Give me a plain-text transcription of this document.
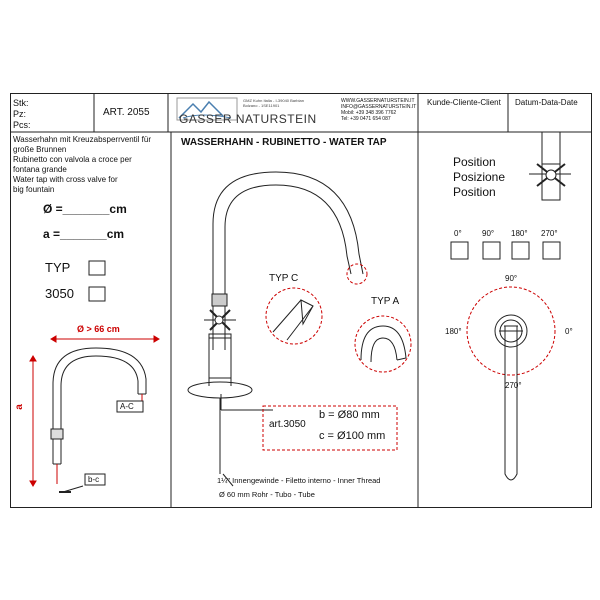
Stk:
Pz:
Pcs:
ART. 2055 GASSER NATURSTEIN
GMZ Kuhn Italia - I-39040 Barbian
Bolzano - 1SE11901
WWW.GASSERNATURSTEIN.IT
INFO@GASSERNATURSTEIN.IT
Mobil: +39 348 396 7762
Tel: +39 0471 654 087
Kunde-Cliente-Client Datum-Data-Date
Wasserhahn mit Kreuzabsperrventil für
große Brunnen
Rubinetto con valvola a croce per
fontana grande
Water tap with cross valve for
big fountain
Ø =_______cm
a =_______cm
TYP
3050
Ø > 66 cm
a	A-C
b-c
WASSERHAHN - RUBINETTO - WATER TAP
TYP C
TYP A
art.3050
b = Ø80 mm
c = Ø100 mm
1¼" Innengewinde - Filetto interno - Inner Thread
Ø 60 mm Rohr - Tubo - Tube
Position
Posizione
Position
0°	90° 180° 270°
90°
180°	0°
270°
